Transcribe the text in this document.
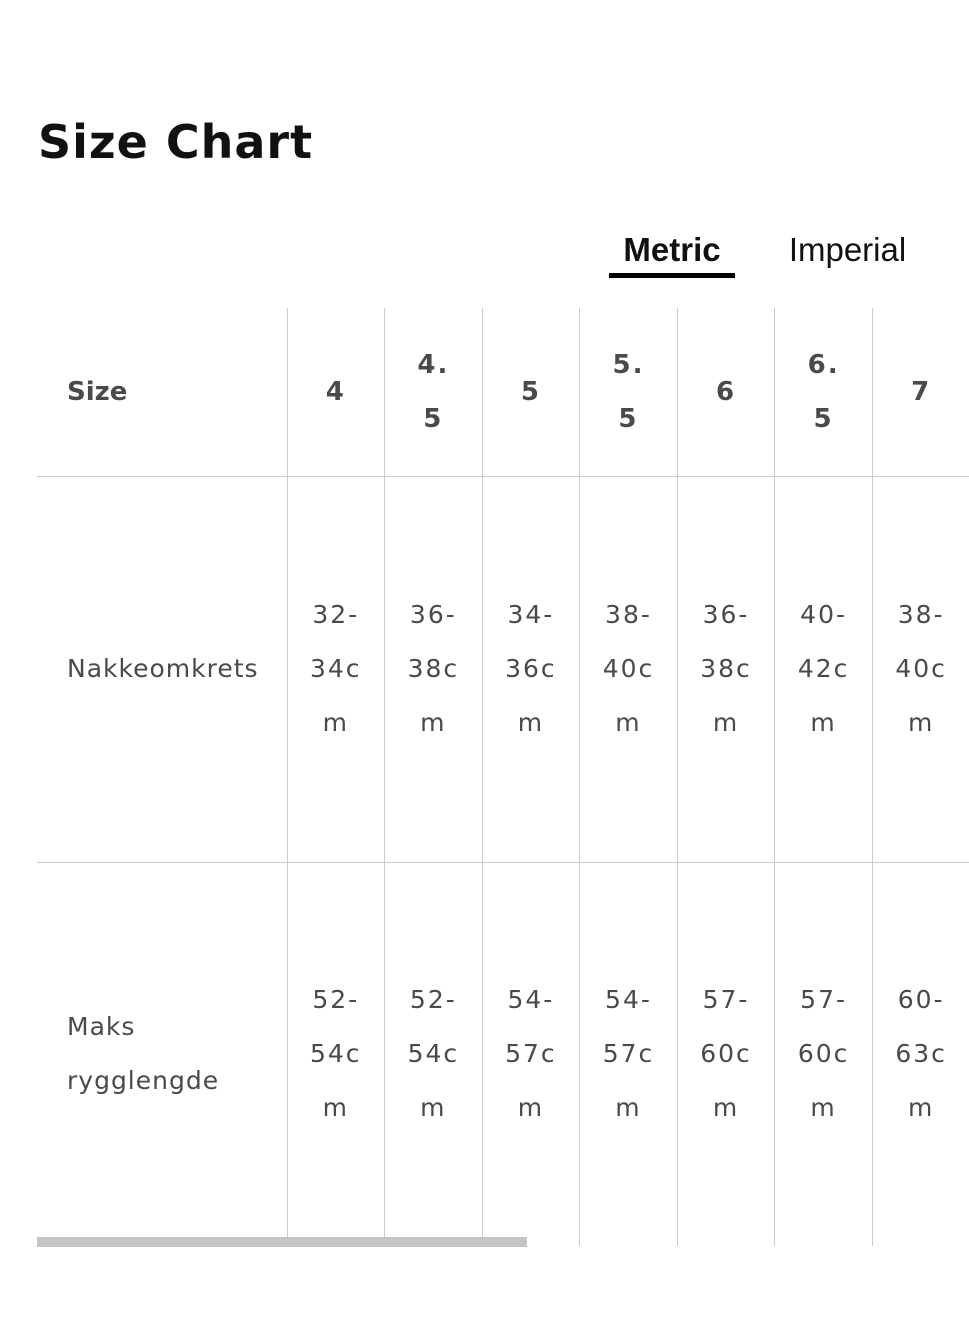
Size Chart
Metric	Imperial
Size	4	4.5	5	5.5	6	6.5	7

Nakkeomkrets	32-34cm	36-38cm	34-36cm	38-40cm	36-38cm	40-42cm	38-40cm

Maks rygglengde	52-54cm	52-54cm	54-57cm	54-57cm	57-60cm	57-60cm	60-63cm
